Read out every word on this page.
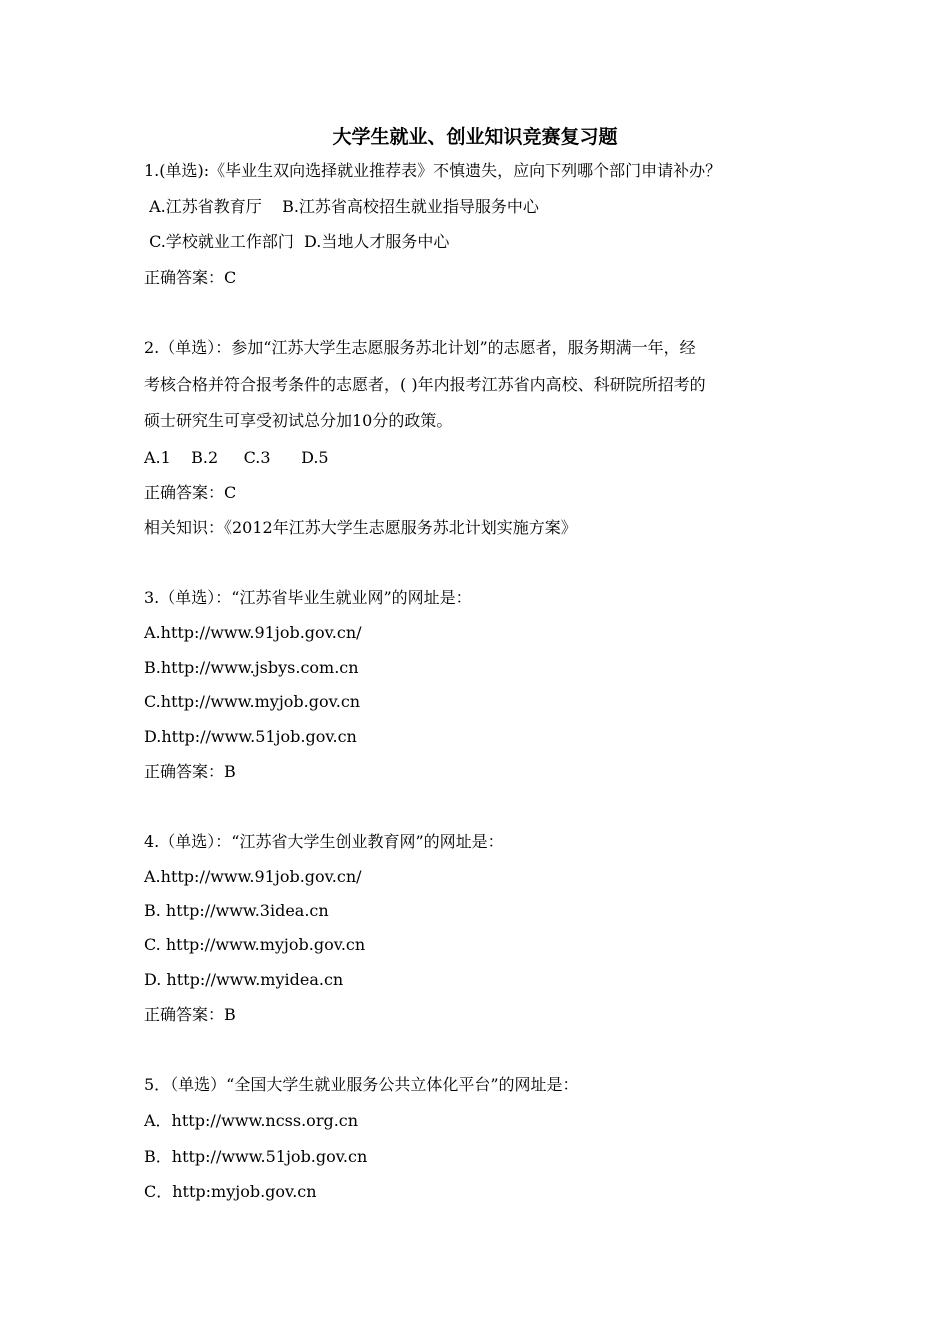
大学生就业、创业知识竞赛复习题
1.(单选):《毕业生双向选择就业推荐表》不慎遗失，应向下列哪个部门申请补办？
A.江苏省教育厅    B.江苏省高校招生就业指导服务中心
C.学校就业工作部门  D.当地人才服务中心
正确答案：C
2.（单选）：参加“江苏大学生志愿服务苏北计划”的志愿者，服务期满一年，经
考核合格并符合报考条件的志愿者，( )年内报考江苏省内高校、科研院所招考的
硕士研究生可享受初试总分加10分的政策。
A.1    B.2     C.3      D.5
正确答案：C
相关知识：《2012年江苏大学生志愿服务苏北计划实施方案》
3.（单选）：“江苏省毕业生就业网”的网址是：
A.http://www.91job.gov.cn/
B.http://www.jsbys.com.cn
C.http://www.myjob.gov.cn
D.http://www.51job.gov.cn
正确答案：B
4.（单选）：“江苏省大学生创业教育网”的网址是：
A.http://www.91job.gov.cn/
B. http://www.3idea.cn
C. http://www.myjob.gov.cn
D. http://www.myidea.cn
正确答案：B
5．（单选）“全国大学生就业服务公共立体化平台”的网址是：
A．http://www.ncss.org.cn
B．http://www.51job.gov.cn
C．http:myjob.gov.cn
